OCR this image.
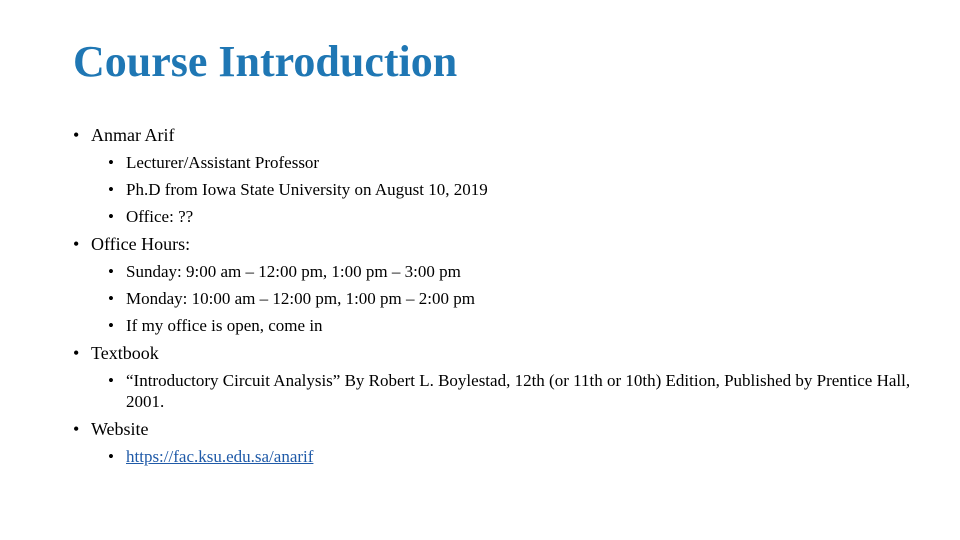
Course Introduction
• Anmar Arif
• Lecturer/Assistant Professor
• Ph.D from Iowa State University on August 10, 2019
• Office: ??
• Office Hours:
• Sunday: 9:00 am – 12:00 pm, 1:00 pm – 3:00 pm
• Monday: 10:00 am – 12:00 pm, 1:00 pm – 2:00 pm
• If my office is open, come in
• Textbook
• “Introductory Circuit Analysis” By Robert L. Boylestad, 12th (or 11th or 10th) Edition, Published by Prentice Hall, 2001.
• Website
• https://fac.ksu.edu.sa/anarif
